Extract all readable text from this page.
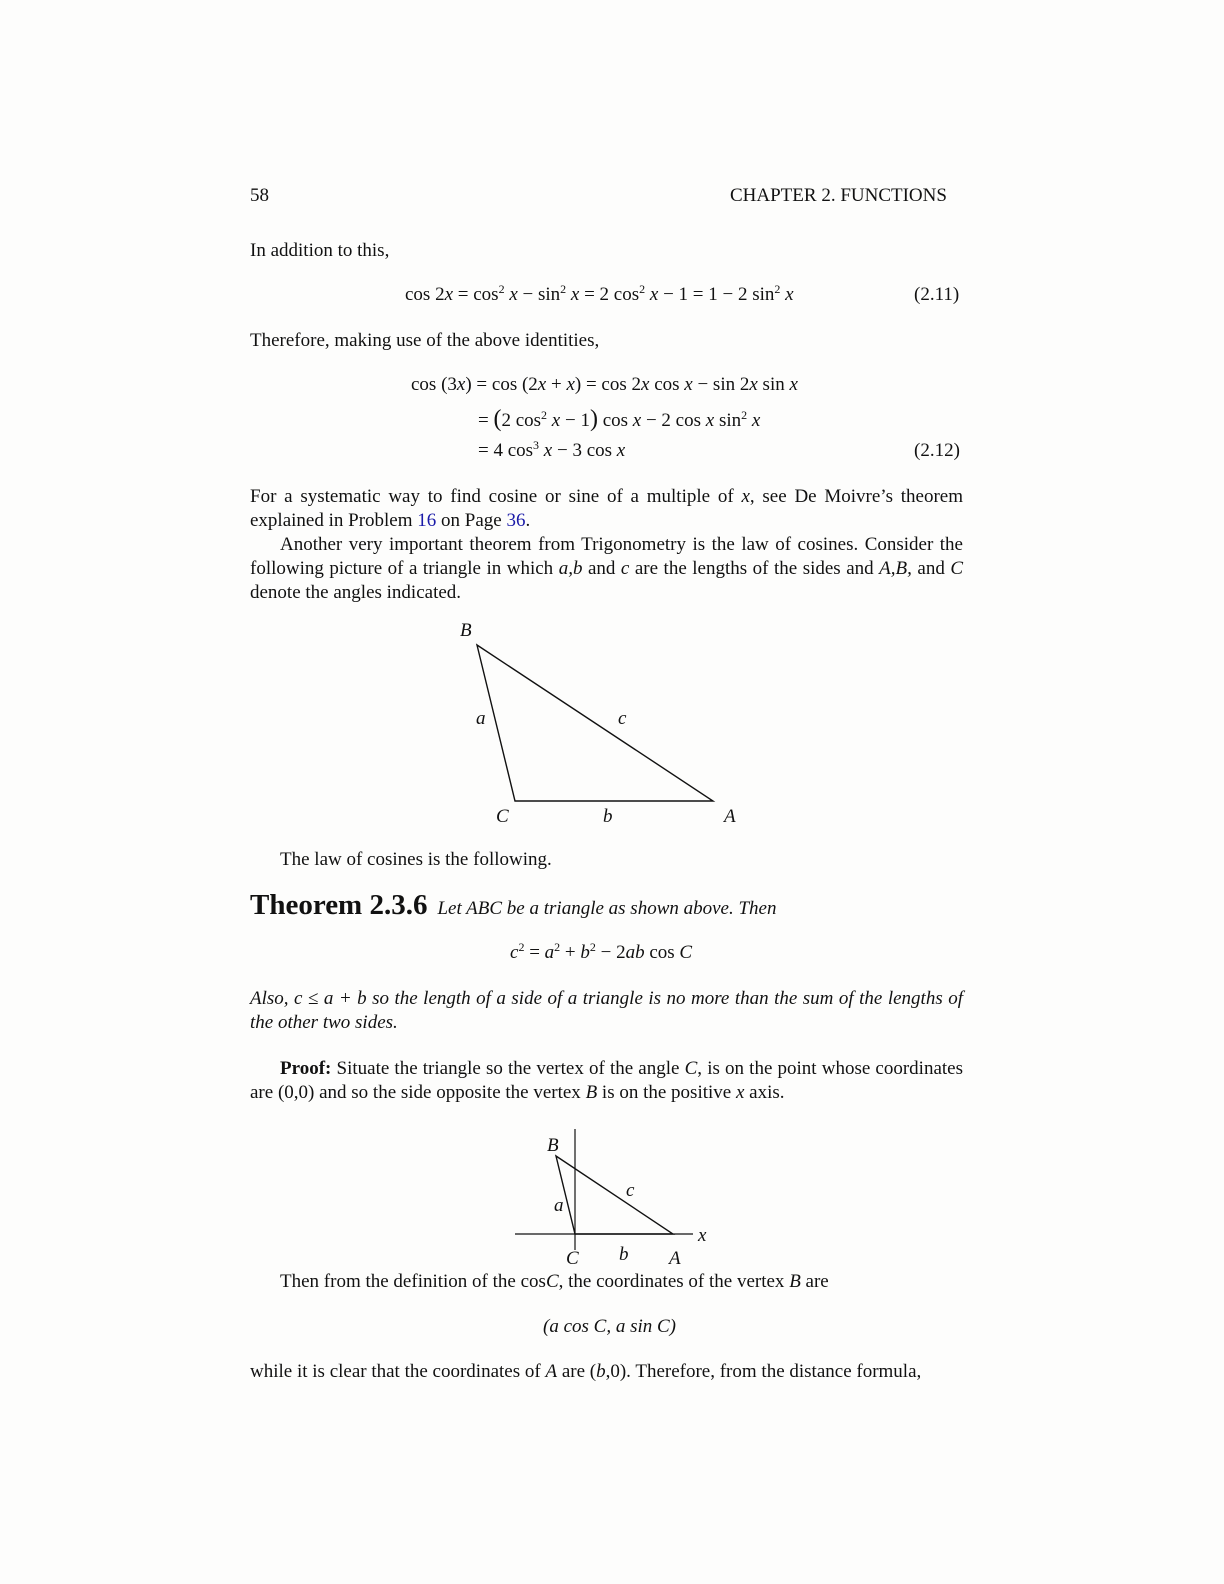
58	CHAPTER 2. FUNCTIONS
In addition to this,
$\cos 2x = \cos^2 x - \sin^2 x = 2$ $\cos^2 x - 1 = 1 - 2$ $\sin^2 x$	(2.11)
Therefore, making use of the above identities,
cos (3x) = cos (2x + x) = cos 2x cos x − sin 2x sin x
= (2 $\cos^2 x - 1$) cos x − 2 cos x $\sin^2 x$
= 4 $\cos^3 x - 3$ cos x	(2.12)
For a systematic way to find cosine or sine of a multiple of x, see De Moivre’s theorem explained in Problem 16 on Page 36.
Another very important theorem from Trigonometry is the law of cosines. Consider the following picture of a triangle in which a,b and c are the lengths of the sides and A,B, and C denote the angles indicated.
B
a	c
C	b	A
The law of cosines is the following.
Theorem 2.3.6 Let ABC be a triangle as shown above. Then
$c^2 = a^2 + b^2 - 2ab$ cos C
Also, c ≤ a + b so the length of a side of a triangle is no more than the sum of the lengths of the other two sides.
Proof: Situate the triangle so the vertex of the angle C, is on the point whose coordinates are (0,0) and so the side opposite the vertex B is on the positive x axis.
B
a
c
x
C b A
Then from the definition of the cosC, the coordinates of the vertex B are
(a cos C, a sin C)
while it is clear that the coordinates of A are (b,0). Therefore, from the distance formula,
